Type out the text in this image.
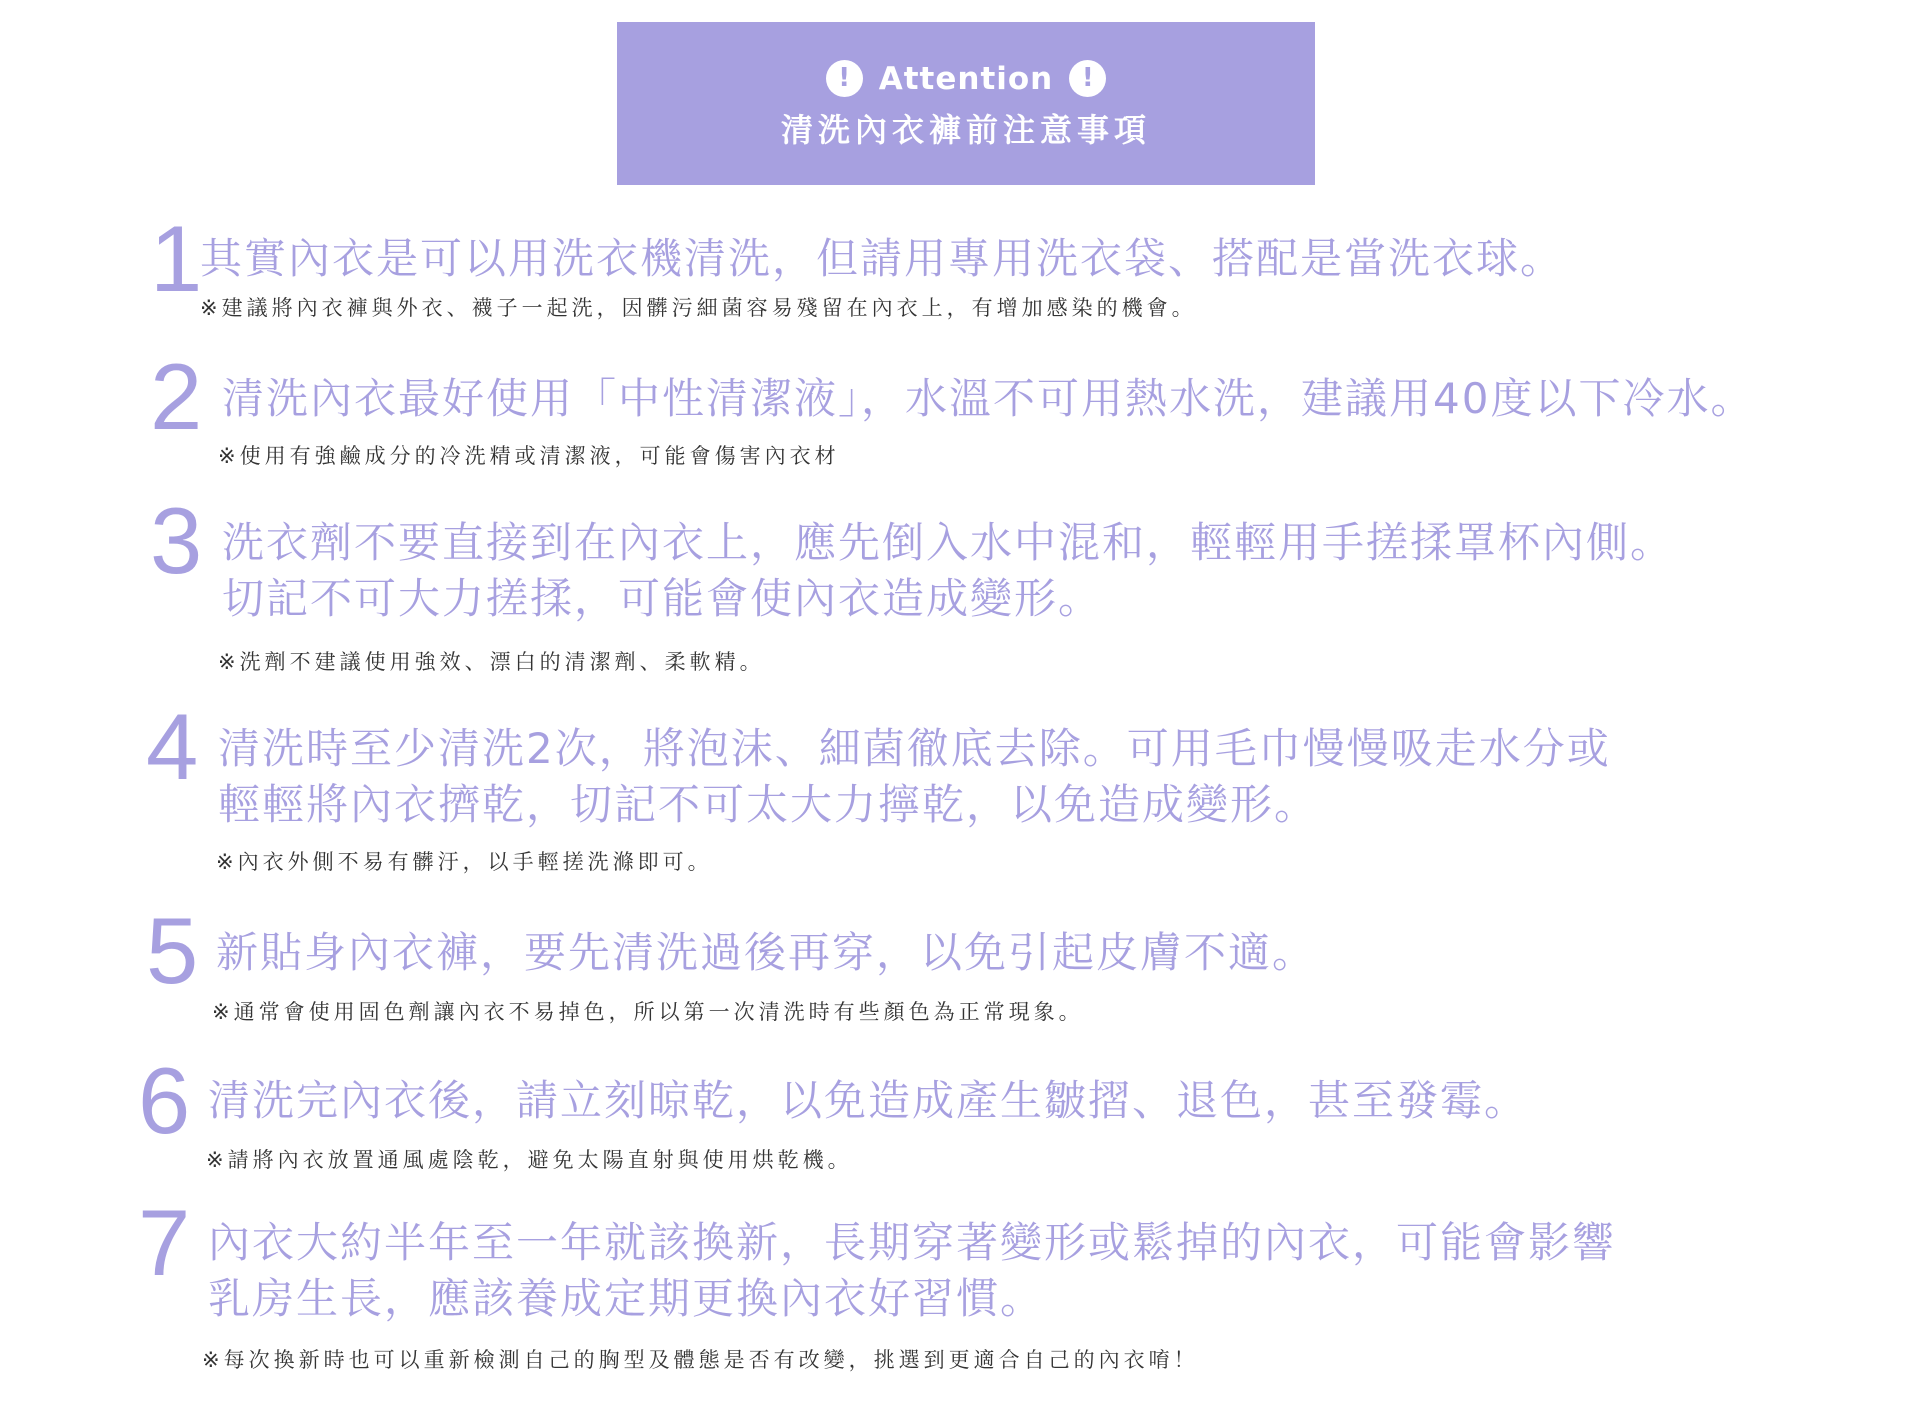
! Attention	!
清洗內衣褲前注意事項
1
其實內衣是可以用洗衣機清洗，但請用專用洗衣袋、搭配是當洗衣球。
※建議將內衣褲與外衣、襪子一起洗，因髒污細菌容易殘留在內衣上，有增加感染的機會。
2 清洗內衣最好使用「中性清潔液」，水溫不可用熱水洗，建議用40度以下冷水。
※使用有強鹼成分的冷洗精或清潔液，可能會傷害內衣材
3 洗衣劑不要直接到在內衣上，應先倒入水中混和，輕輕用手搓揉罩杯內側。
切記不可大力搓揉，可能會使內衣造成變形。
※洗劑不建議使用強效、漂白的清潔劑、柔軟精。
4 清洗時至少清洗2次，將泡沫、細菌徹底去除。可用毛巾慢慢吸走水分或
輕輕將內衣擠乾，切記不可太大力擰乾，以免造成變形。
※內衣外側不易有髒汙，以手輕搓洗滌即可。
5 新貼身內衣褲，要先清洗過後再穿，以免引起皮膚不適。
※通常會使用固色劑讓內衣不易掉色，所以第一次清洗時有些顏色為正常現象。
6 清洗完內衣後，請立刻晾乾，以免造成產生皺摺、退色，甚至發霉。
※請將內衣放置通風處陰乾，避免太陽直射與使用烘乾機。
7 內衣大約半年至一年就該換新，長期穿著變形或鬆掉的內衣，可能會影響
乳房生長，應該養成定期更換內衣好習慣。
※每次換新時也可以重新檢測自己的胸型及體態是否有改變，挑選到更適合自己的內衣唷！
